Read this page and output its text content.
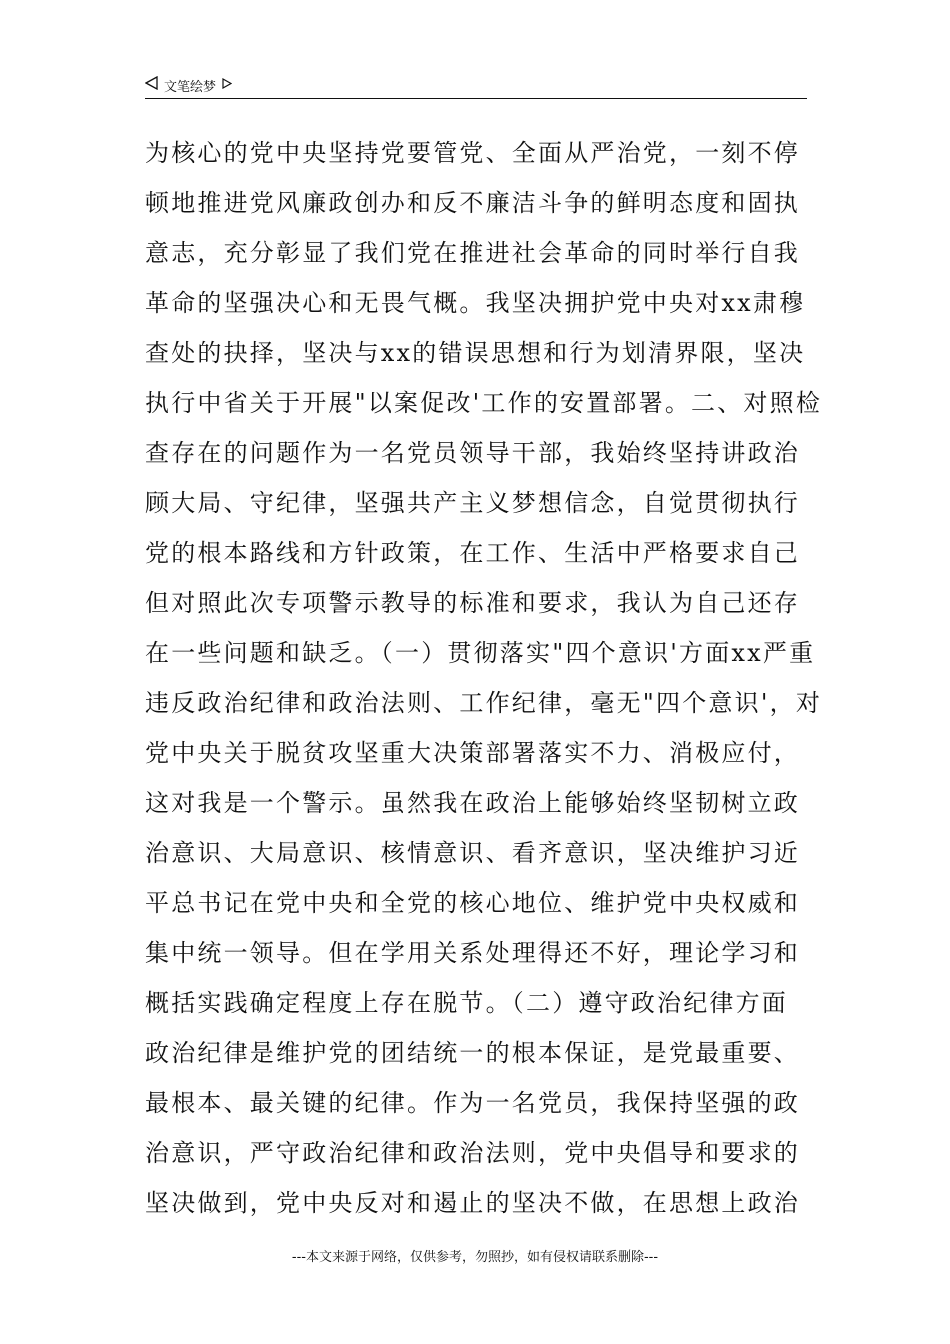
文笔绘梦
为核心的党中央坚持党要管党、全面从严治党，一刻不停
顿地推进党风廉政创办和反不廉洁斗争的鲜明态度和固执
意志，充分彰显了我们党在推进社会革命的同时举行自我
革命的坚强决心和无畏气概。我坚决拥护党中央对xx肃穆
查处的抉择，坚决与xx的错误思想和行为划清界限，坚决
执行中省关于开展"以案促改'工作的安置部署。二、对照检
查存在的问题作为一名党员领导干部，我始终坚持讲政治
顾大局、守纪律，坚强共产主义梦想信念，自觉贯彻执行
党的根本路线和方针政策，在工作、生活中严格要求自己
但对照此次专项警示教导的标准和要求，我认为自己还存
在一些问题和缺乏。（一）贯彻落实"四个意识'方面xx严重
违反政治纪律和政治法则、工作纪律，毫无"四个意识'，对
党中央关于脱贫攻坚重大决策部署落实不力、消极应付，
这对我是一个警示。虽然我在政治上能够始终坚韧树立政
治意识、大局意识、核情意识、看齐意识，坚决维护习近
平总书记在党中央和全党的核心地位、维护党中央权威和
集中统一领导。但在学用关系处理得还不好，理论学习和
概括实践确定程度上存在脱节。（二）遵守政治纪律方面
政治纪律是维护党的团结统一的根本保证，是党最重要、
最根本、最关键的纪律。作为一名党员，我保持坚强的政
治意识，严守政治纪律和政治法则，党中央倡导和要求的
坚决做到，党中央反对和遏止的坚决不做，在思想上政治
---本文来源于网络，仅供参考，勿照抄，如有侵权请联系删除---
